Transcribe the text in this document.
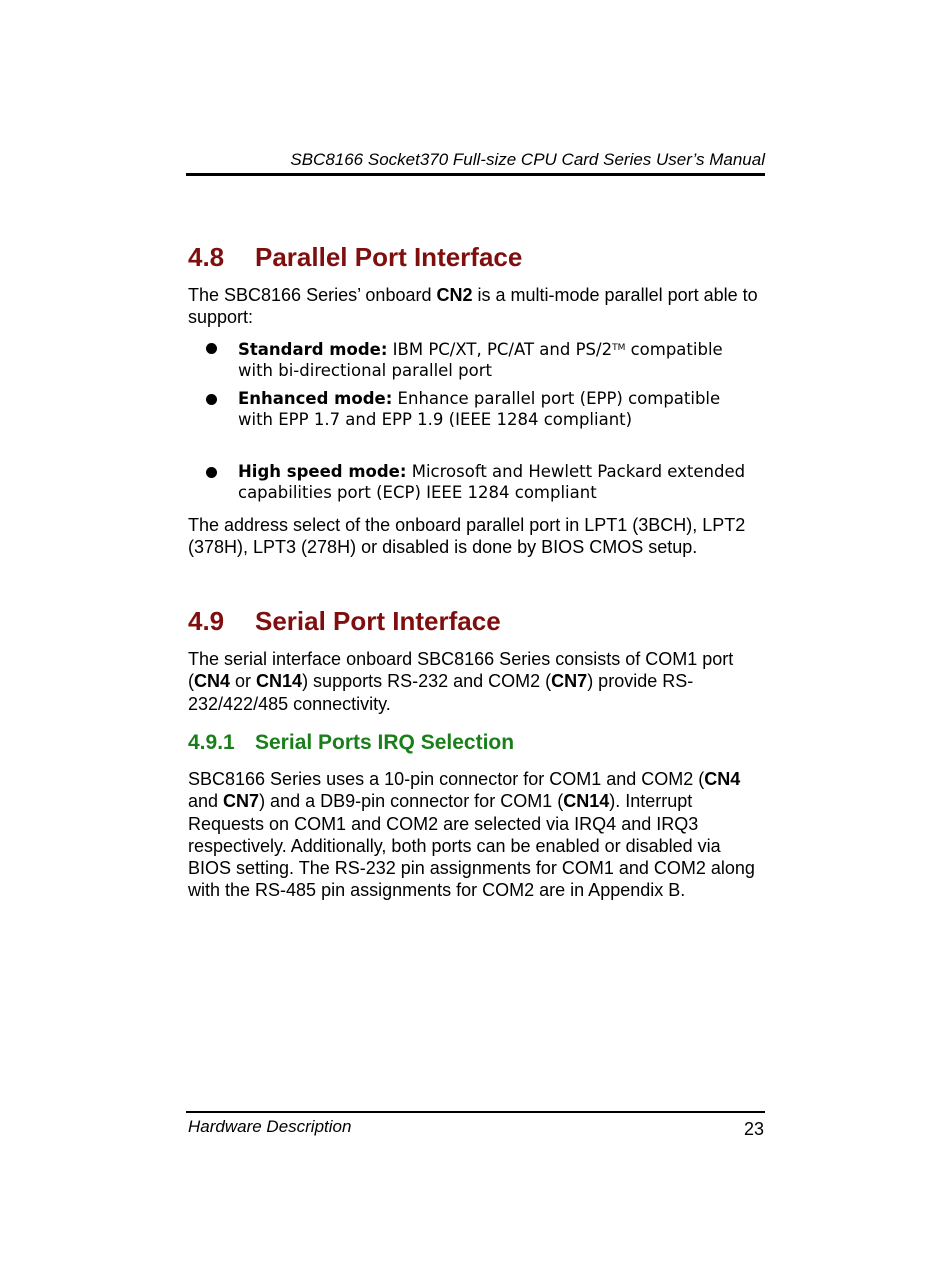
SBC8166 Socket370 Full-size CPU Card Series User’s Manual
4.8 Parallel Port Interface
The SBC8166 Series’ onboard CN2 is a multi-mode parallel port able to support:
Standard mode: IBM PC/XT, PC/AT and PS/2™ compatible with bi-directional parallel port
Enhanced mode: Enhance parallel port (EPP) compatible with EPP 1.7 and EPP 1.9 (IEEE 1284 compliant)
High speed mode: Microsoft and Hewlett Packard extended capabilities port (ECP) IEEE 1284 compliant
The address select of the onboard parallel port in LPT1 (3BCH), LPT2 (378H), LPT3 (278H) or disabled is done by BIOS CMOS setup.
4.9 Serial Port Interface
The serial interface onboard SBC8166 Series consists of COM1 port (CN4 or CN14) supports RS-232 and COM2 (CN7) provide RS-232/422/485 connectivity.
4.9.1 Serial Ports IRQ Selection
SBC8166 Series uses a 10-pin connector for COM1 and COM2 (CN4 and CN7) and a DB9-pin connector for COM1 (CN14). Interrupt Requests on COM1 and COM2 are selected via IRQ4 and IRQ3 respectively. Additionally, both ports can be enabled or disabled via BIOS setting. The RS-232 pin assignments for COM1 and COM2 along with the RS-485 pin assignments for COM2 are in Appendix B.
Hardware Description	23
